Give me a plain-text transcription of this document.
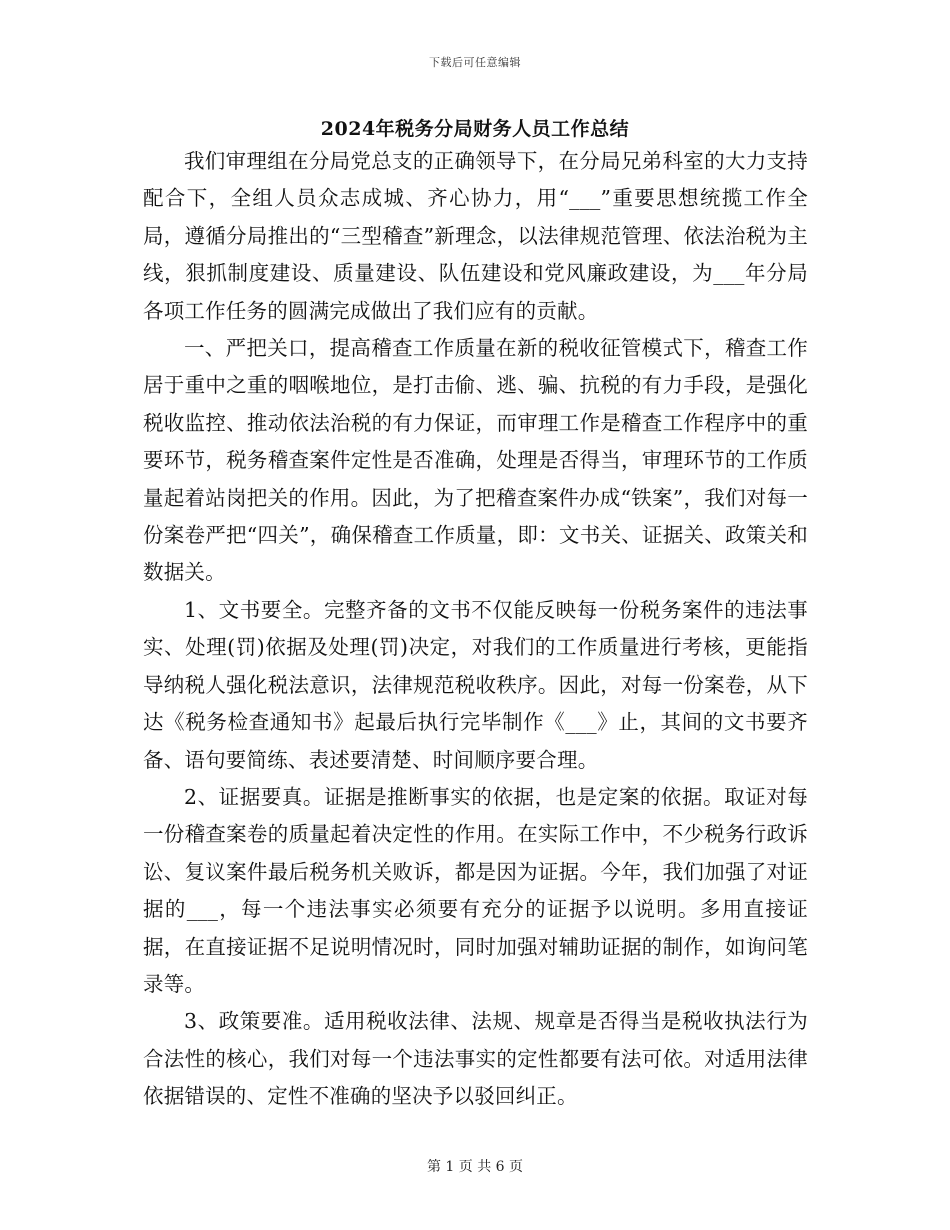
下载后可任意编辑
2024年税务分局财务人员工作总结

我们审理组在分局党总支的正确领导下，在分局兄弟科室的大力支持配合下，全组人员众志成城、齐心协力，用“___”重要思想统揽工作全局，遵循分局推出的“三型稽查”新理念，以法律规范管理、依法治税为主线，狠抓制度建设、质量建设、队伍建设和党风廉政建设，为___年分局各项工作任务的圆满完成做出了我们应有的贡献。

一、严把关口，提高稽查工作质量在新的税收征管模式下，稽查工作居于重中之重的咽喉地位，是打击偷、逃、骗、抗税的有力手段，是强化税收监控、推动依法治税的有力保证，而审理工作是稽查工作程序中的重要环节，税务稽查案件定性是否准确，处理是否得当，审理环节的工作质量起着站岗把关的作用。因此，为了把稽查案件办成“铁案”，我们对每一份案卷严把“四关”，确保稽查工作质量，即：文书关、证据关、政策关和数据关。

1、文书要全。完整齐备的文书不仅能反映每一份税务案件的违法事实、处理(罚)依据及处理(罚)决定，对我们的工作质量进行考核，更能指导纳税人强化税法意识，法律规范税收秩序。因此，对每一份案卷，从下达《税务检查通知书》起最后执行完毕制作《___》止，其间的文书要齐备、语句要简练、表述要清楚、时间顺序要合理。

2、证据要真。证据是推断事实的依据，也是定案的依据。取证对每一份稽查案卷的质量起着决定性的作用。在实际工作中，不少税务行政诉讼、复议案件最后税务机关败诉，都是因为证据。今年，我们加强了对证据的___，每一个违法事实必须要有充分的证据予以说明。多用直接证据，在直接证据不足说明情况时，同时加强对辅助证据的制作，如询问笔录等。

3、政策要准。适用税收法律、法规、规章是否得当是税收执法行为合法性的核心，我们对每一个违法事实的定性都要有法可依。对适用法律依据错误的、定性不准确的坚决予以驳回纠正。

第 1 页 共 6 页
